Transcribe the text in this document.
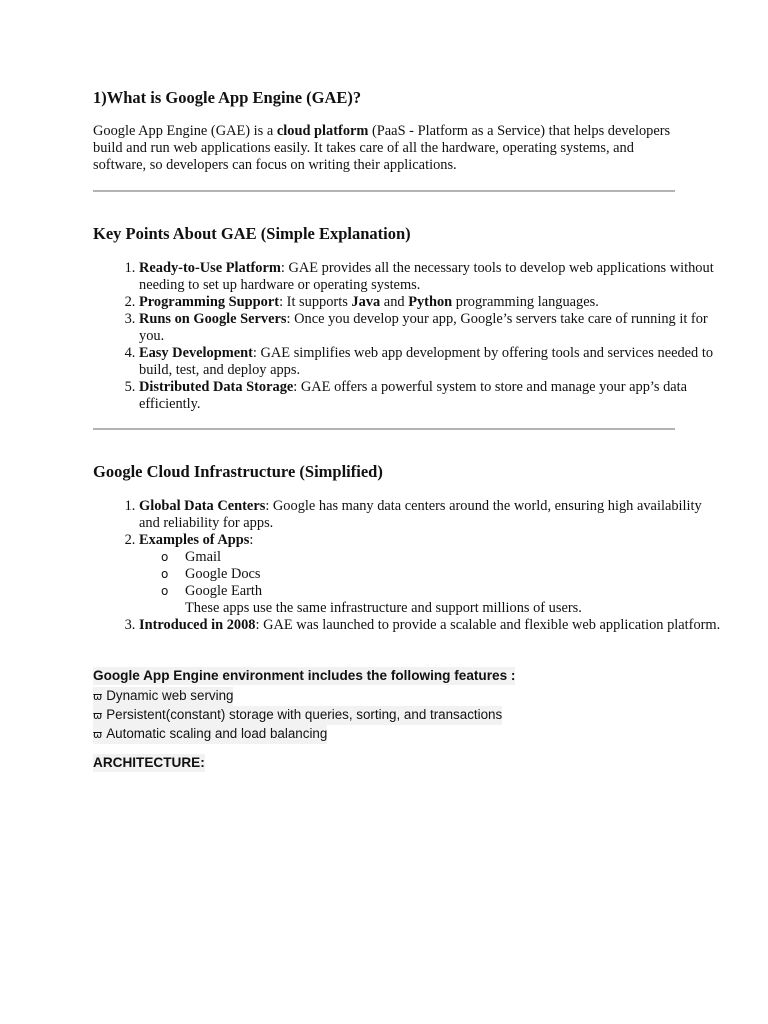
1)What is Google App Engine (GAE)?

Google App Engine (GAE) is a cloud platform (PaaS - Platform as a Service) that helps developers build and run web applications easily. It takes care of all the hardware, operating systems, and software, so developers can focus on writing their applications.

Key Points About GAE (Simple Explanation)
1. Ready-to-Use Platform: GAE provides all the necessary tools to develop web applications without needing to set up hardware or operating systems.
2. Programming Support: It supports Java and Python programming languages.
3. Runs on Google Servers: Once you develop your app, Google’s servers take care of running it for you.
4. Easy Development: GAE simplifies web app development by offering tools and services needed to build, test, and deploy apps.
5. Distributed Data Storage: GAE offers a powerful system to store and manage your app’s data efficiently.
Google Cloud Infrastructure (Simplified)
1. Global Data Centers: Google has many data centers around the world, ensuring high availability and reliability for apps.
2. Examples of Apps:
o Gmail
o Google Docs
o Google Earth
These apps use the same infrastructure and support millions of users.
3. Introduced in 2008: GAE was launched to provide a scalable and flexible web application platform.
Google App Engine environment includes the following features :
ϖ Dynamic web serving
ϖ Persistent(constant) storage with queries, sorting, and transactions
ϖ Automatic scaling and load balancing
ARCHITECTURE:
